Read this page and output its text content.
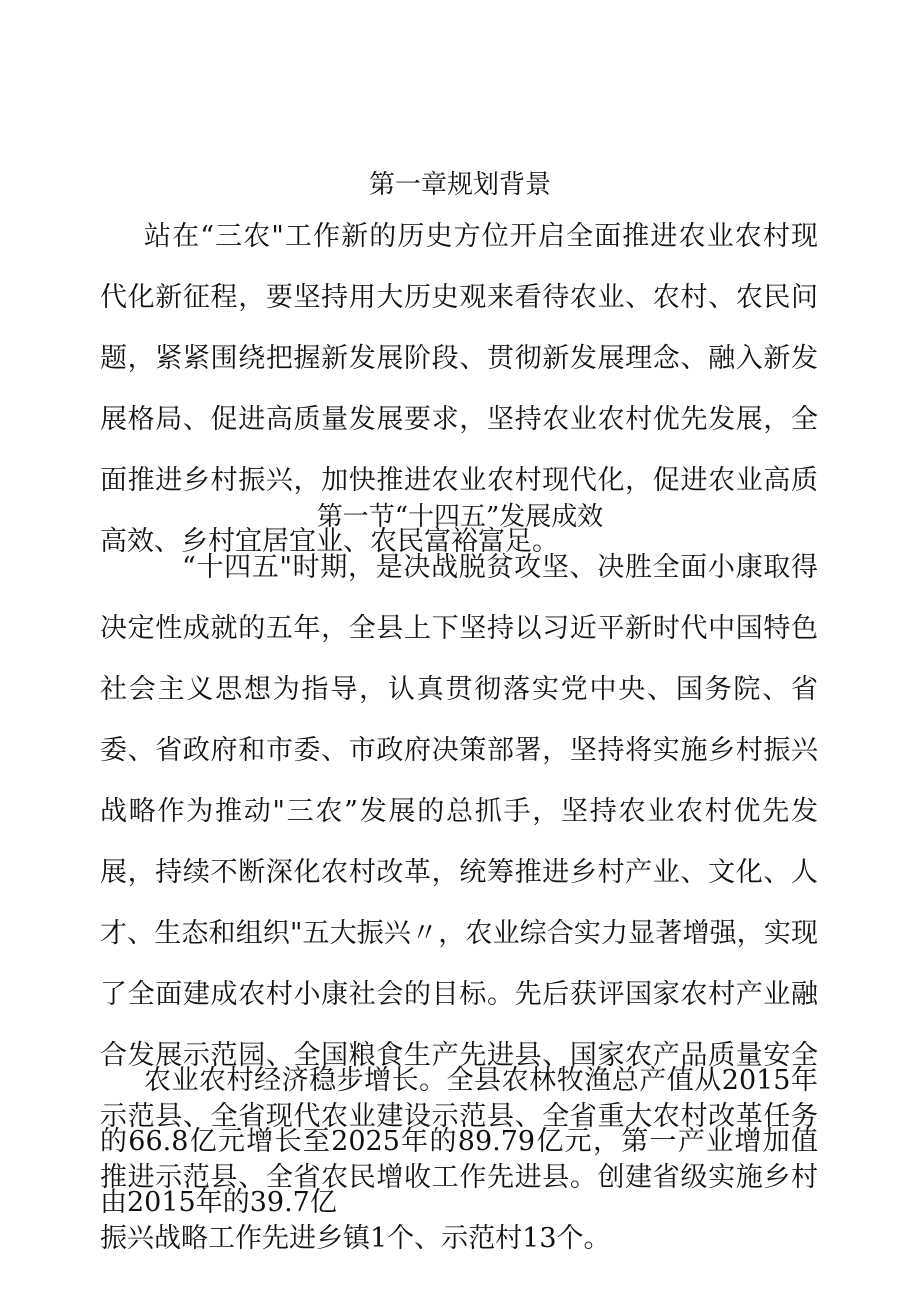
第一章规划背景
站在“三农"工作新的历史方位开启全面推进农业农村现代化新征程，要坚持用大历史观来看待农业、农村、农民问题，紧紧围绕把握新发展阶段、贯彻新发展理念、融入新发展格局、促进高质量发展要求，坚持农业农村优先发展，全面推进乡村振兴，加快推进农业农村现代化，促进农业高质高效、乡村宜居宜业、农民富裕富足。
第一节“十四五”发展成效
“十四五"时期，是决战脱贫攻坚、决胜全面小康取得决定性成就的五年，全县上下坚持以习近平新时代中国特色社会主义思想为指导，认真贯彻落实党中央、国务院、省委、省政府和市委、市政府决策部署，坚持将实施乡村振兴战略作为推动"三农”发展的总抓手，坚持农业农村优先发展，持续不断深化农村改革，统筹推进乡村产业、文化、人才、生态和组织"五大振兴〃，农业综合实力显著增强，实现了全面建成农村小康社会的目标。先后获评国家农村产业融合发展示范园、全国粮食生产先进县、国家农产品质量安全示范县、全省现代农业建设示范县、全省重大农村改革任务推进示范县、全省农民增收工作先进县。创建省级实施乡村振兴战略工作先进乡镇1个、示范村13个。
农业农村经济稳步增长。全县农林牧渔总产值从2015年的66.8亿元增长至2025年的89.79亿元，第一产业增加值由2015年的39.7亿
